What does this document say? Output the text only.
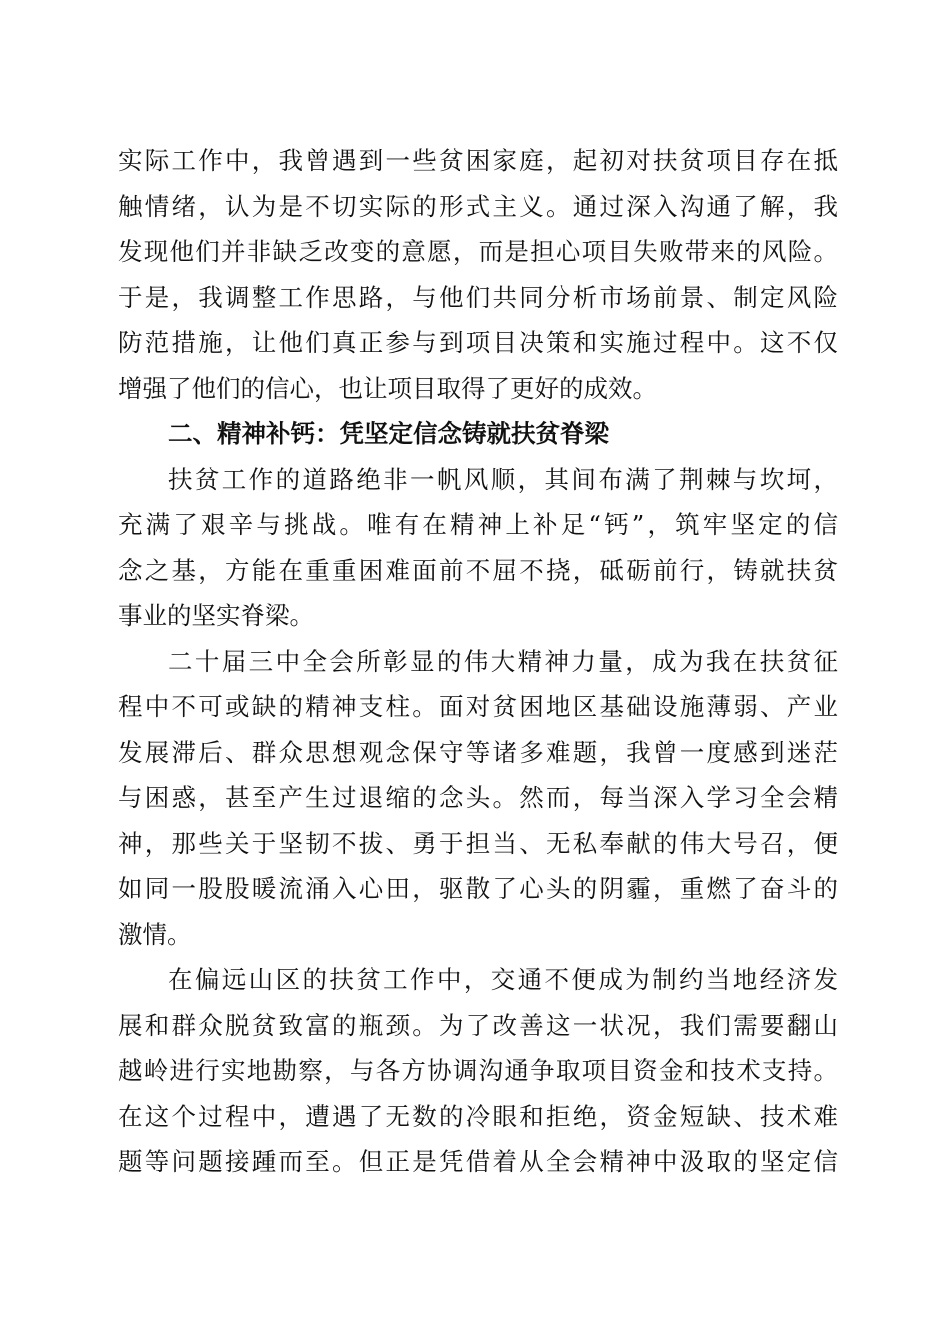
实际工作中，我曾遇到一些贫困家庭，起初对扶贫项目存在抵
触情绪，认为是不切实际的形式主义。通过深入沟通了解，我
发现他们并非缺乏改变的意愿，而是担心项目失败带来的风险。
于是，我调整工作思路，与他们共同分析市场前景、制定风险
防范措施，让他们真正参与到项目决策和实施过程中。这不仅
增强了他们的信心，也让项目取得了更好的成效。
二、精神补钙：凭坚定信念铸就扶贫脊梁
扶贫工作的道路绝非一帆风顺，其间布满了荆棘与坎坷，
充满了艰辛与挑战。唯有在精神上补足“钙”，筑牢坚定的信
念之基，方能在重重困难面前不屈不挠，砥砺前行，铸就扶贫
事业的坚实脊梁。
二十届三中全会所彰显的伟大精神力量，成为我在扶贫征
程中不可或缺的精神支柱。面对贫困地区基础设施薄弱、产业
发展滞后、群众思想观念保守等诸多难题，我曾一度感到迷茫
与困惑，甚至产生过退缩的念头。然而，每当深入学习全会精
神，那些关于坚韧不拔、勇于担当、无私奉献的伟大号召，便
如同一股股暖流涌入心田，驱散了心头的阴霾，重燃了奋斗的
激情。
在偏远山区的扶贫工作中，交通不便成为制约当地经济发
展和群众脱贫致富的瓶颈。为了改善这一状况，我们需要翻山
越岭进行实地勘察，与各方协调沟通争取项目资金和技术支持。
在这个过程中，遭遇了无数的冷眼和拒绝，资金短缺、技术难
题等问题接踵而至。但正是凭借着从全会精神中汲取的坚定信
